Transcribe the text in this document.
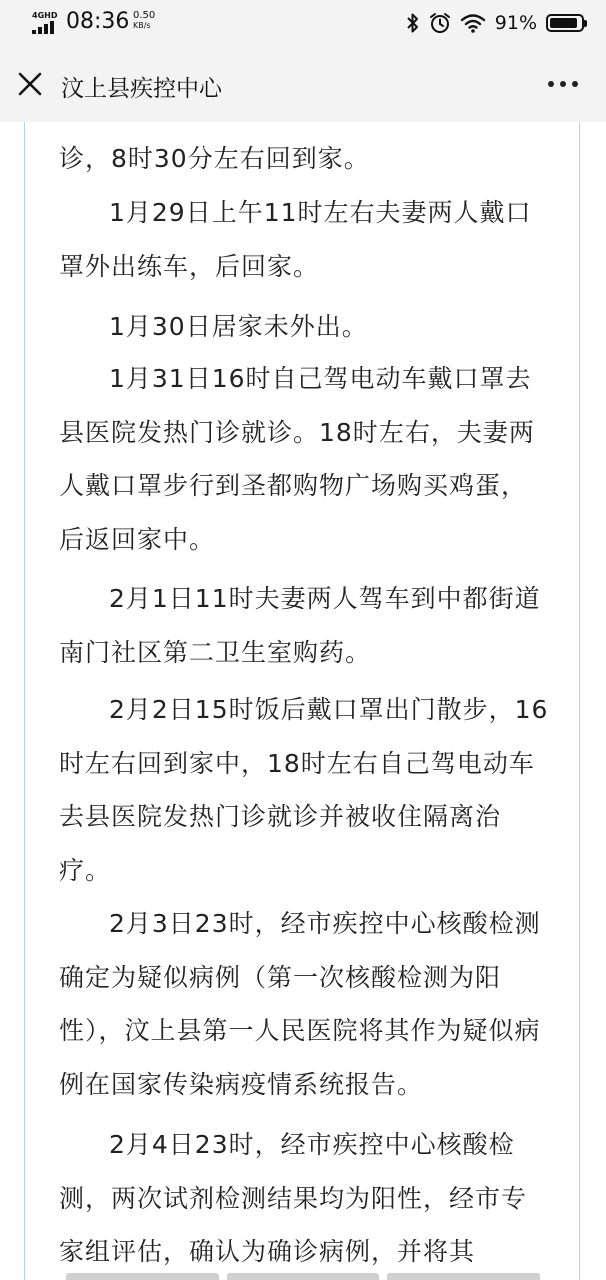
4GHD 08:36 0.50
KB/s	91%
汶上县疾控中心

诊，8时30分左右回到家。

1月29日上午11时左右夫妻两人戴口罩外出练车，后回家。

1月30日居家未外出。

1月31日16时自己驾电动车戴口罩去县医院发热门诊就诊。18时左右，夫妻两人戴口罩步行到圣都购物广场购买鸡蛋，后返回家中。

2月1日11时夫妻两人驾车到中都街道南门社区第二卫生室购药。

2月2日15时饭后戴口罩出门散步，16时左右回到家中，18时左右自己驾电动车去县医院发热门诊就诊并被收住隔离治疗。

2月3日23时，经市疾控中心核酸检测确定为疑似病例（第一次核酸检测为阳性），汶上县第一人民医院将其作为疑似病例在国家传染病疫情系统报告。

2月4日23时，经市疾控中心核酸检测，两次试剂检测结果均为阳性，经市专家组评估，确认为确诊病例，并将其
